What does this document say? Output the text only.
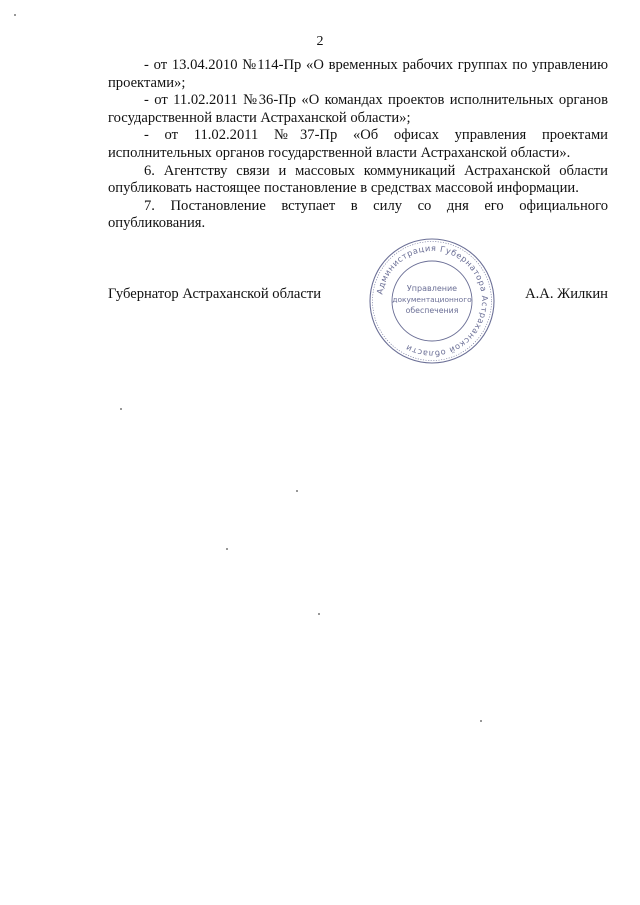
2

- от 13.04.2010 №114-Пр «О временных рабочих группах по управлению проектами»;

- от 11.02.2011 №36-Пр «О командах проектов исполнительных органов государственной власти Астраханской области»;

- от 11.02.2011 №37-Пр «Об офисах управления проектами исполнительных органов государственной власти Астраханской области».

6. Агентству связи и массовых коммуникаций Астраханской области опубликовать настоящее постановление в средствах массовой информации.

7. Постановление вступает в силу со дня его официального опубликования.

Губернатор Астраханской области	А.А. Жилкин
Администрация Губернатора Астраханской области
Управление
документационного
обеспечения
